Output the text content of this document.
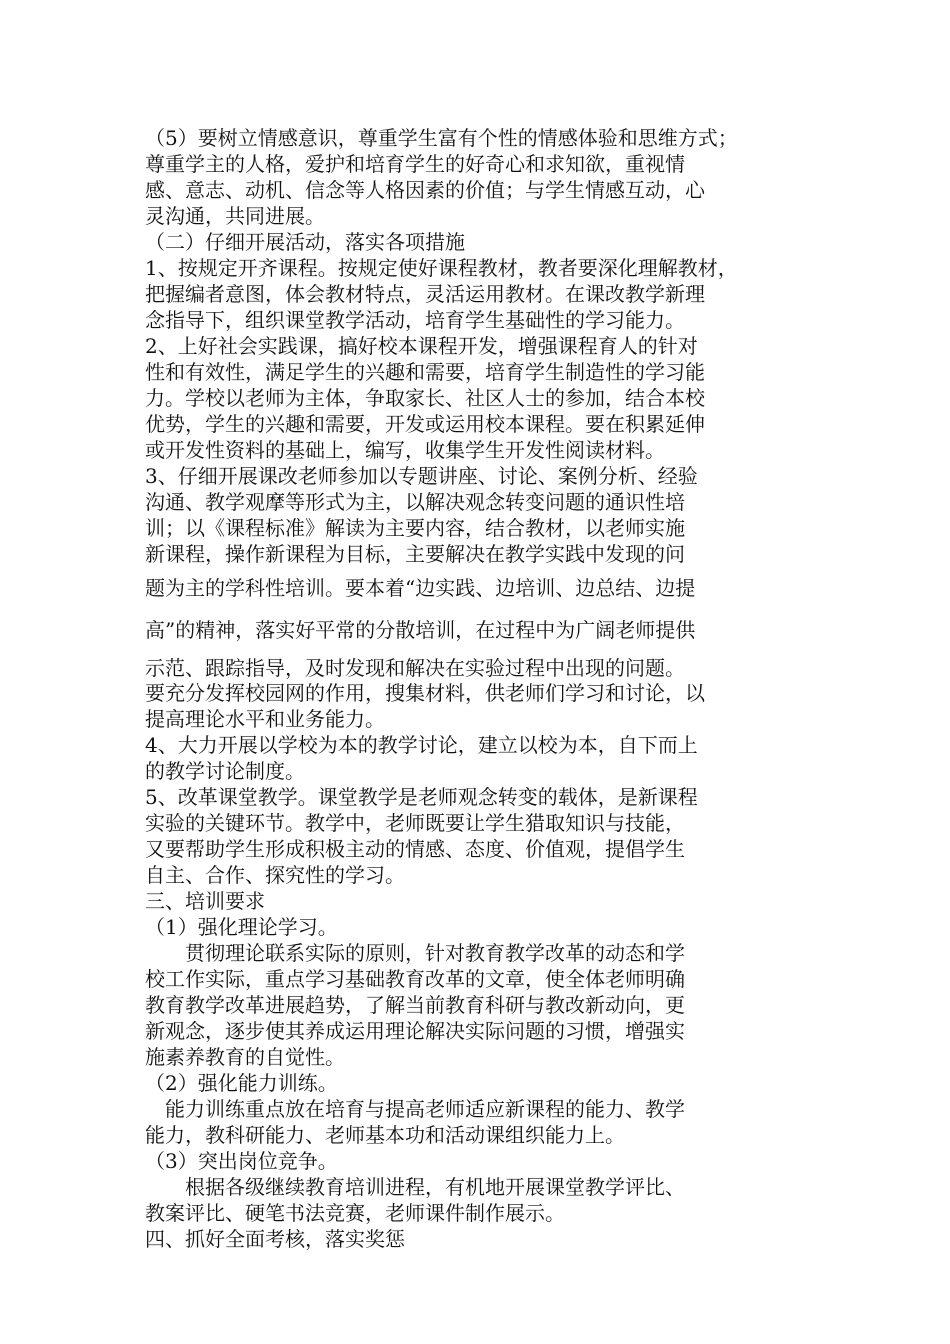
（5）要树立情感意识，尊重学生富有个性的情感体验和思维方式；
尊重学主的人格，爱护和培育学生的好奇心和求知欲，重视情
感、意志、动机、信念等人格因素的价值；与学生情感互动，心
灵沟通，共同进展。
（二）仔细开展活动，落实各项措施
1、按规定开齐课程。按规定使好课程教材，教者要深化理解教材，
把握编者意图，体会教材特点，灵活运用教材。在课改教学新理
念指导下，组织课堂教学活动，培育学生基础性的学习能力。
2、上好社会实践课，搞好校本课程开发，增强课程育人的针对
性和有效性，满足学生的兴趣和需要，培育学生制造性的学习能
力。学校以老师为主体，争取家长、社区人士的参加，结合本校
优势，学生的兴趣和需要，开发或运用校本课程。要在积累延伸
或开发性资料的基础上，编写，收集学生开发性阅读材料。
3、仔细开展课改老师参加以专题讲座、讨论、案例分析、经验
沟通、教学观摩等形式为主，以解决观念转变问题的通识性培
训；以《课程标准》解读为主要内容，结合教材，以老师实施
新课程，操作新课程为目标，主要解决在教学实践中发现的问
题为主的学科性培训。要本着“边实践、边培训、边总结、边提
高”的精神，落实好平常的分散培训，在过程中为广阔老师提供
示范、跟踪指导，及时发现和解决在实验过程中出现的问题。
要充分发挥校园网的作用，搜集材料，供老师们学习和讨论，以
提高理论水平和业务能力。
4、大力开展以学校为本的教学讨论，建立以校为本，自下而上
的教学讨论制度。
5、改革课堂教学。课堂教学是老师观念转变的载体，是新课程
实验的关键环节。教学中，老师既要让学生猎取知识与技能，
又要帮助学生形成积极主动的情感、态度、价值观，提倡学生
自主、合作、探究性的学习。
三、培训要求
（1）强化理论学习。
　　贯彻理论联系实际的原则，针对教育教学改革的动态和学
校工作实际，重点学习基础教育改革的文章，使全体老师明确
教育教学改革进展趋势，了解当前教育科研与教改新动向，更
新观念，逐步使其养成运用理论解决实际问题的习惯，增强实
施素养教育的自觉性。
（2）强化能力训练。
　能力训练重点放在培育与提高老师适应新课程的能力、教学
能力，教科研能力、老师基本功和活动课组织能力上。
（3）突出岗位竞争。
　　根据各级继续教育培训进程，有机地开展课堂教学评比、
教案评比、硬笔书法竞赛，老师课件制作展示。
四、抓好全面考核，落实奖惩
